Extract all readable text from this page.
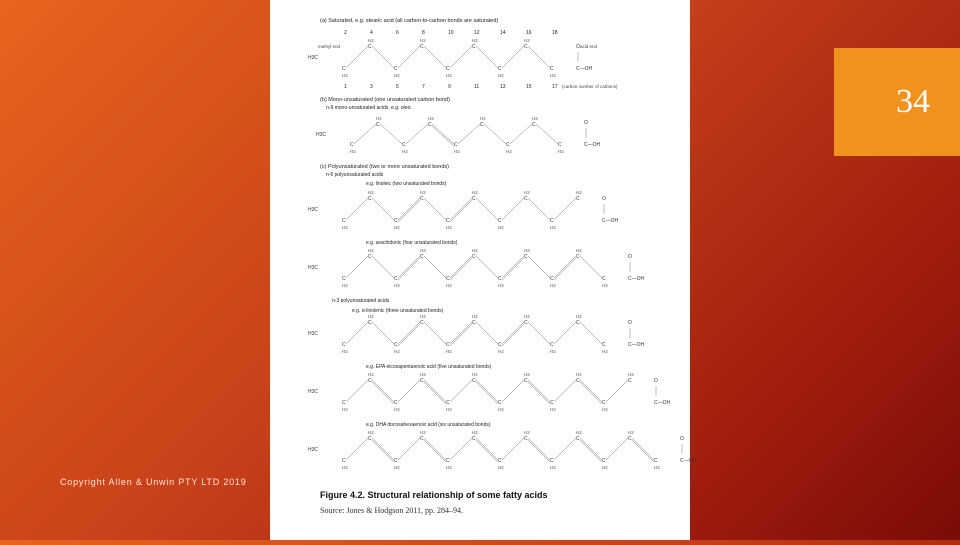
(a) Saturated, e.g. stearic acid (all carbon-to-carbon bonds are saturated)
methyl end	acid end
(carbon number of carbons)
(b) Mono-unsaturated (one unsaturated carbon bond)
n-9 mono-unsaturated acids, e.g. oleic
(c) Polyunsaturated (two or more unsaturated bonds)
n-6 polyunsaturated acids
e.g. linoleic (two unsaturated bonds)
e.g. arachidonic (four unsaturated bonds)
n-3 polyunsaturated acids
e.g. α-linolenic (three unsaturated bonds)
e.g. EPA eicosapentaenoic acid (five unsaturated bonds)
e.g. DHA docosahexaenoic acid (six unsaturated bonds)
H3C
C
H2
H2
C
C
H2
H2
C
C
H2
H2
C
C
H2
H2
C
C
H2
O
C—OH
2	4	6	8	10	12	14	16	18
1	3	5	7	9	11	13	15	17
H3C
C
H2
H2
C
C
H2
H2
C
C
H2
H2
C
C
H2
H2
C
C
H2
O
C—OH
H3C
C
H2
H2
C
C
H2
H2
C
C
H2
H2
C
C
H2
H2
C
C
H2
H2
C	O
C—OH
H3C
C
H2
H2
C
C
H2
H2
C
C
H2
H2
C
C
H2
H2
C
C
H2
H2
C
C
H2
O
C—OH
H3C
C
H2
H2
C
C
H2
H2
C
C
H2
H2
C
C
H2
H2
C
C
H2
H2
C
C
H2
O
C—OH
H3C
C
H2
H2
C
C
H2
H2
C
C
H2
H2
C
C
H2
H2
C
C
H2
H2
C
C
H2
H2
C	O
C—OH
H3C
C
H2
H2
C
C
H2
H2
C
C
H2
H2
C
C
H2
H2
C
C
H2
H2
C
C
H2
H2
C
C
H2
O
C—OH
Figure 4.2. Structural relationship of some fatty acids
Source: Jones & Hodgson 2011, pp. 284–94.
34
Copyright Allen & Unwin PTY LTD 2019
